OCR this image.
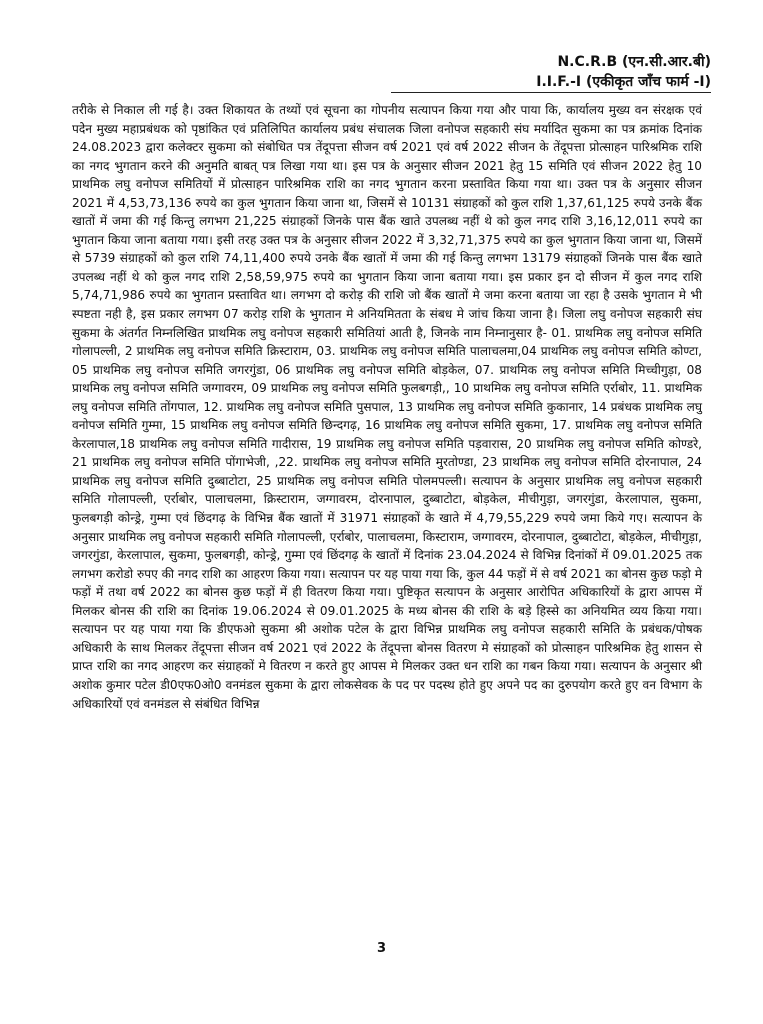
N.C.R.B (एन.सी.आर.बी)
I.I.F.-I (एकीकृत जाँच फार्म -I)

तरीके से निकाल ली गई है। उक्त शिकायत के तथ्यों एवं सूचना का गोपनीय सत्यापन किया गया और पाया कि, कार्यालय मुख्य वन संरक्षक एवं पदेेन मुख्य महाप्रबंधक को पृष्ठांकित एवं प्रतिलिपित कार्यालय प्रबंध संचालक जिला वनोपज सहकारी संघ मर्यादित सुकमा का पत्र क्रमांक दिनांक 24.08.2023 द्वारा कलेक्टर सुकमा को संबोधित पत्र तेंदूपत्ता सीजन वर्ष 2021 एवं वर्ष 2022 सीजन के तेंदूपत्ता प्रोत्साहन पारिश्रमिक राशि का नगद भुगतान करने की अनुमति बाबत् पत्र लिखा गया था। इस पत्र के अनुसार सीजन 2021 हेतु 15 समिति एवं सीजन 2022 हेतु 10 प्राथमिक लघु वनोपज समितियों में प्रोत्साहन पारिश्रमिक राशि का नगद भुगतान करना प्रस्तावित किया गया था। उक्त पत्र के अनुसार सीजन 2021 में 4,53,73,136 रुपये का कुल भुगतान किया जाना था, जिसमें से 10131 संग्राहकों को कुल राशि 1,37,61,125 रुपये उनके बैंक खातों में जमा की गई किन्तु लगभग 21,225 संग्राहकों जिनके पास बैंक खाते उपलब्ध नहीं थे को कुल नगद राशि 3,16,12,011 रुपये का भुगतान किया जाना बताया गया। इसी तरह उक्त पत्र के अनुसार सीजन 2022 में 3,32,71,375 रुपये का कुल भुगतान किया जाना था, जिसमें से 5739 संग्राहकों को कुल राशि 74,11,400 रुपये उनके बैंक खातों में जमा की गई किन्तु लगभग 13179 संग्राहकों जिनके पास बैंक खाते उपलब्ध नहीं थे को कुल नगद राशि 2,58,59,975 रुपये का भुगतान किया जाना बताया गया। इस प्रकार इन दो सीजन में कुल नगद राशि 5,74,71,986 रुपये का भुगतान प्रस्तावित था। लगभग दो करोड़ की राशि जो बैंक खातों मे जमा करना बताया जा रहा है उसके भुगतान मे भी स्पष्टता नही है, इस प्रकार लगभग 07 करोड़ राशि के भुगतान मे अनियमितता के संबध मे जांच किया जाना है। जिला लघु वनोपज सहकारी संघ सुकमा के अंतर्गत निम्नलिखित प्राथमिक लघु वनोपज सहकारी समितियां आती है, जिनके नाम निम्नानुसार है- 01. प्राथमिक लघु वनोपज समिति गोलापल्ली, 2 प्राथमिक लघु वनोपज समिति क्रिस्टाराम, 03. प्राथमिक लघु वनोपज समिति पालाचलमा,04 प्राथमिक लघु वनोपज समिति कोण्टा, 05 प्राथमिक लघु वनोपज समिति जगरगुंडा, 06 प्राथमिक लघु वनोपज समिति बोड़केल, 07. प्राथमिक लघु वनोपज समिति मिच्चीगुड़ा, 08 प्राथमिक लघु वनोपज समिति जग्गावरम, 09 प्राथमिक लघु वनोपज समिति फुलबगड़ी,, 10 प्राथमिक लघु वनोपज समिति एर्राबोर, 11. प्राथमिक लघु वनोपज समिति तोंगपाल, 12. प्राथमिक लघु वनोपज समिति पुसपाल, 13 प्राथमिक लघु वनोपज समिति कुकानार, 14 प्रबंधक प्राथमिक लघु वनोपज समिति गुम्मा, 15 प्राथमिक लघु वनोपज समिति छिन्दगढ़, 16 प्राथमिक लघु वनोपज समिति सुकमा, 17. प्राथमिक लघु वनोपज समिति केरलापाल,18 प्राथमिक लघु वनोपज समिति गादीरास, 19 प्राथमिक लघु वनोपज समिति पड़वारास, 20 प्राथमिक लघु वनोपज समिति कोण्डरे, 21 प्राथमिक लघु वनोपज समिति पोंगाभेजी, ,22. प्राथमिक लघु वनोपज समिति मुरतोण्डा, 23 प्राथमिक लघु वनोपज समिति दोरनापाल, 24 प्राथमिक लघु वनोपज समिति दुब्बाटोटा, 25 प्राथमिक लघु वनोपज समिति पोलमपल्ली। सत्यापन के अनुसार प्राथमिक लघु वनोपज सहकारी समिति गोलापल्ली, एर्राबोर, पालाचलमा, क्रिस्टाराम, जग्गावरम, दोरनापाल, दुब्बाटोटा, बोड़केल, मीचीगुड़ा, जगरगुंडा, केरलापाल, सुकमा, फुलबगड़ी कोन्ड्रे, गुम्मा एवं छिंदगढ़ के विभिन्न बैंक खातों में 31971 संग्राहकों के खाते में 4,79,55,229 रुपये जमा किये गए। सत्यापन के अनुसार प्राथमिक लघु वनोपज सहकारी समिति गोलापल्ली, एर्राबोर, पालाचलमा, किस्टाराम, जग्गावरम, दोरनापाल, दुब्बाटोटा, बोड़केल, मीचीगुड़ा, जगरगुंडा, केरलापाल, सुकमा, फुलबगड़ी, कोन्ड्रे, गुम्मा एवं छिंदगढ़ के खातों में दिनांक 23.04.2024 से विभिन्न दिनांकों में 09.01.2025 तक लगभग करोडो रुपए की नगद राशि का आहरण किया गया। सत्यापन पर यह पाया गया कि, कुल 44 फड़ों में से वर्ष 2021 का बोनस कुछ फड़ो मे फड़ों में तथा वर्ष 2022 का बोनस कुछ फड़ों में ही वितरण किया गया। पुष्टिकृत सत्यापन के अनुसार आरोपित अधिकारियों के द्वारा आपस में मिलकर बोनस की राशि का दिनांक 19.06.2024 से 09.01.2025 के मध्य बोनस की राशि के बड़े हिस्से का अनियमित व्यय किया गया। सत्यापन पर यह पाया गया कि डीएफओ सुकमा श्री अशोक पटेल के द्वारा विभिन्न प्राथमिक लघु वनोपज सहकारी समिति के प्रबंधक/पोषक अधिकारी के साथ मिलकर तेंदूपत्ता सीजन वर्ष 2021 एवं 2022 के तेंदूपत्ता बोनस वितरण मे संग्राहकों को प्रोत्साहन पारिश्रमिक हेतु शासन से प्राप्त राशि का नगद आहरण कर संग्राहकों मे वितरण न करते हुए आपस मे मिलकर उक्त धन राशि का गबन किया गया। सत्यापन के अनुसार श्री अशोक कुमार पटेल डी0एफ0ओ0 वनमंडल सुकमा के द्वारा लोकसेवक के पद पर पदस्थ होते हुए अपने पद का दुरुपयोग करते हुए वन विभाग के अधिकारियों एवं वनमंडल से संबंधित विभिन्न

3
